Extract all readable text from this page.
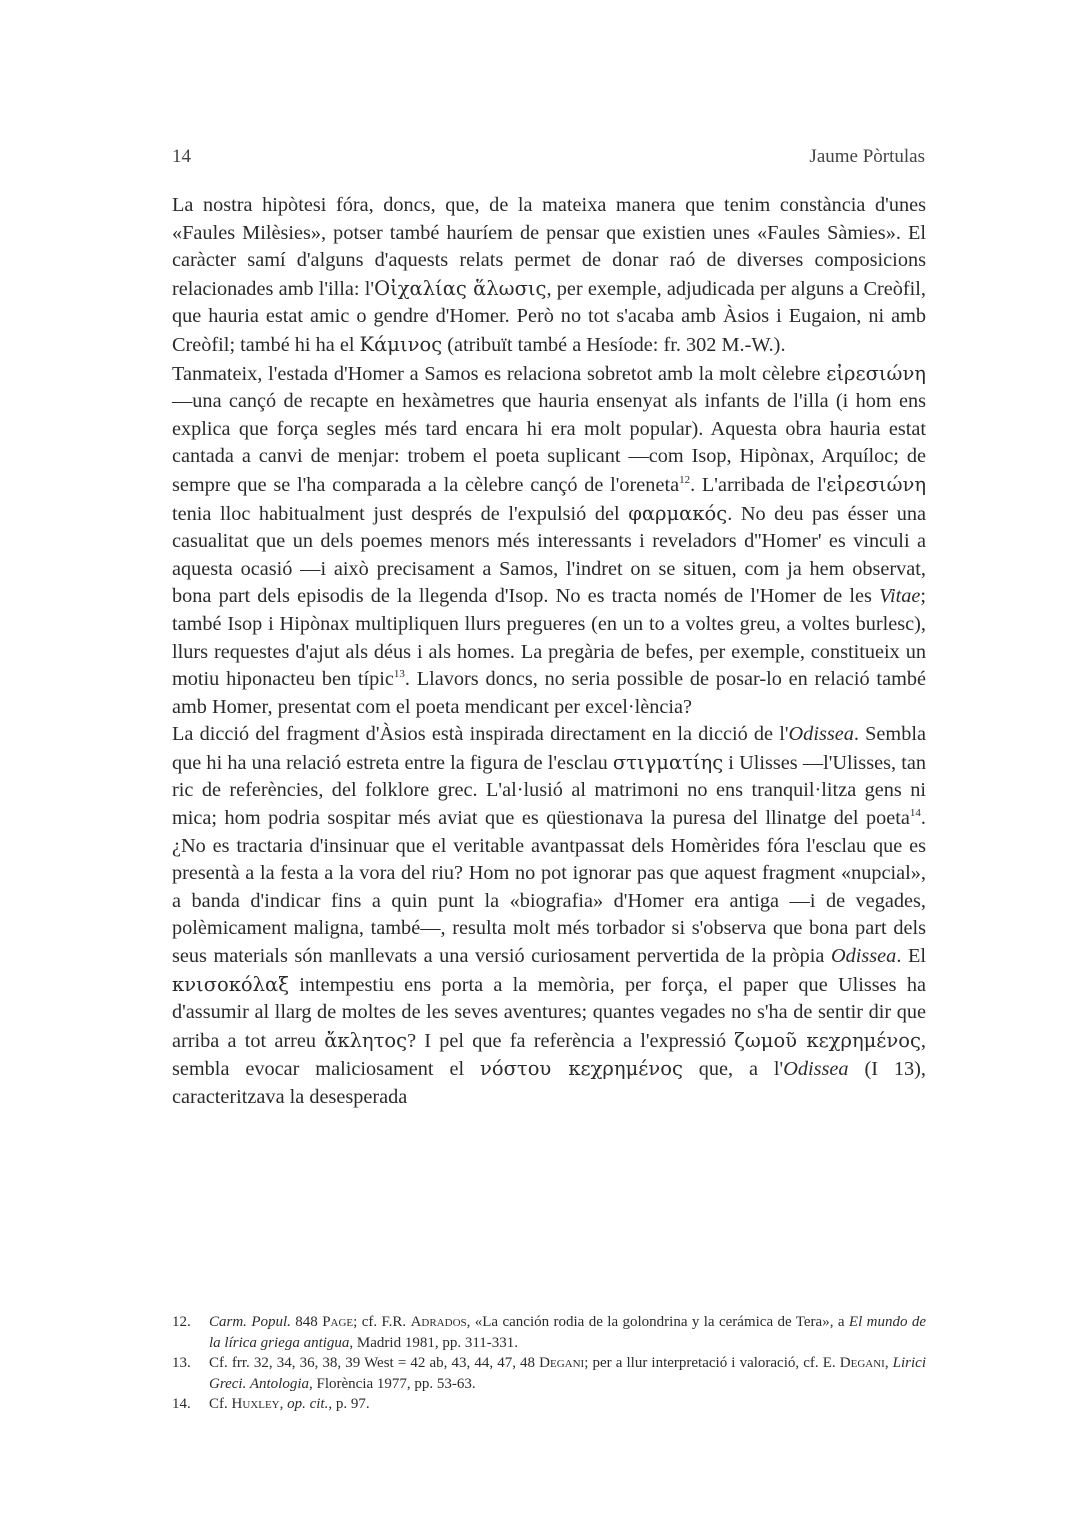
14	Jaume Pòrtulas

La nostra hipòtesi fóra, doncs, que, de la mateixa manera que tenim constància d'unes «Faules Milèsies», potser també hauríem de pensar que existien unes «Faules Sàmies». El caràcter samí d'alguns d'aquests relats permet de donar raó de diverses composicions relacionades amb l'illa: l'Οἰχαλίας ἅλωσις, per exemple, adjudicada per alguns a Creòfil, que hauria estat amic o gendre d'Homer. Però no tot s'acaba amb Àsios i Eugaion, ni amb Creòfil; també hi ha el Κάμινος (atribuït també a Hesíode: fr. 302 M.-W.).
Tanmateix, l'estada d'Homer a Samos es relaciona sobretot amb la molt cèlebre εἰρεσιώνη —una cançó de recapte en hexàmetres que hauria ensenyat als infants de l'illa (i hom ens explica que força segles més tard encara hi era molt popular). Aquesta obra hauria estat cantada a canvi de menjar: trobem el poeta suplicant —com Isop, Hipònax, Arquíloc; de sempre que se l'ha comparada a la cèlebre cançó de l'oreneta$^{12}$. L'arribada de l'εἰρεσιώνη tenia lloc habitualment just després de l'expulsió del φαρμακός. No deu pas ésser una casualitat que un dels poemes menors més interessants i reveladors d''Homer' es vinculi a aquesta ocasió —i això precisament a Samos, l'indret on se situen, com ja hem observat, bona part dels episodis de la llegenda d'Isop. No es tracta només de l'Homer de les Vitae; també Isop i Hipònax multipliquen llurs pregueres (en un to a voltes greu, a voltes burlesc), llurs requestes d'ajut als déus i als homes. La pregària de befes, per exemple, constitueix un motiu hiponacteu ben típic$^{13}$. Llavors doncs, no seria possible de posar-lo en relació també amb Homer, presentat com el poeta mendicant per excel·lència?

La dicció del fragment d'Àsios està inspirada directament en la dicció de l'Odissea. Sembla que hi ha una relació estreta entre la figura de l'esclau στιγματίης i Ulisses —l'Ulisses, tan ric de referències, del folklore grec. L'al·lusió al matrimoni no ens tranquil·litza gens ni mica; hom podria sospitar més aviat que es qüestionava la puresa del llinatge del poeta$^{14}$. ¿No es tractaria d'insinuar que el veritable avantpassat dels Homèrides fóra l'esclau que es presentà a la festa a la vora del riu? Hom no pot ignorar pas que aquest fragment «nupcial», a banda d'indicar fins a quin punt la «biografia» d'Homer era antiga —i de vegades, polèmicament maligna, també—, resulta molt més torbador si s'observa que bona part dels seus materials són manllevats a una versió curiosament pervertida de la pròpia Odissea. El κνισοκόλαξ intempestiu ens porta a la memòria, per força, el paper que Ulisses ha d'assumir al llarg de moltes de les seves aventures; quantes vegades no s'ha de sentir dir que arriba a tot arreu ἄκλητος? I pel que fa referència a l'expressió ζωμοῦ κεχρημένος, sembla evocar maliciosament el νόστου κεχρημένος que, a l'Odissea (I 13), caracteritzava la desesperada

12.	Carm. Popul. 848 Page; cf. F.R. Adrados, «La canción rodia de la golondrina y la cerámica de Tera», a El mundo de la lírica griega antigua, Madrid 1981, pp. 311-331.
13.	Cf. frr. 32, 34, 36, 38, 39 West = 42 ab, 43, 44, 47, 48 Degani; per a llur interpretació i valoració, cf. E. Degani, Lirici Greci. Antologia, Florència 1977, pp. 53-63.
14.	Cf. Huxley, op. cit., p. 97.
